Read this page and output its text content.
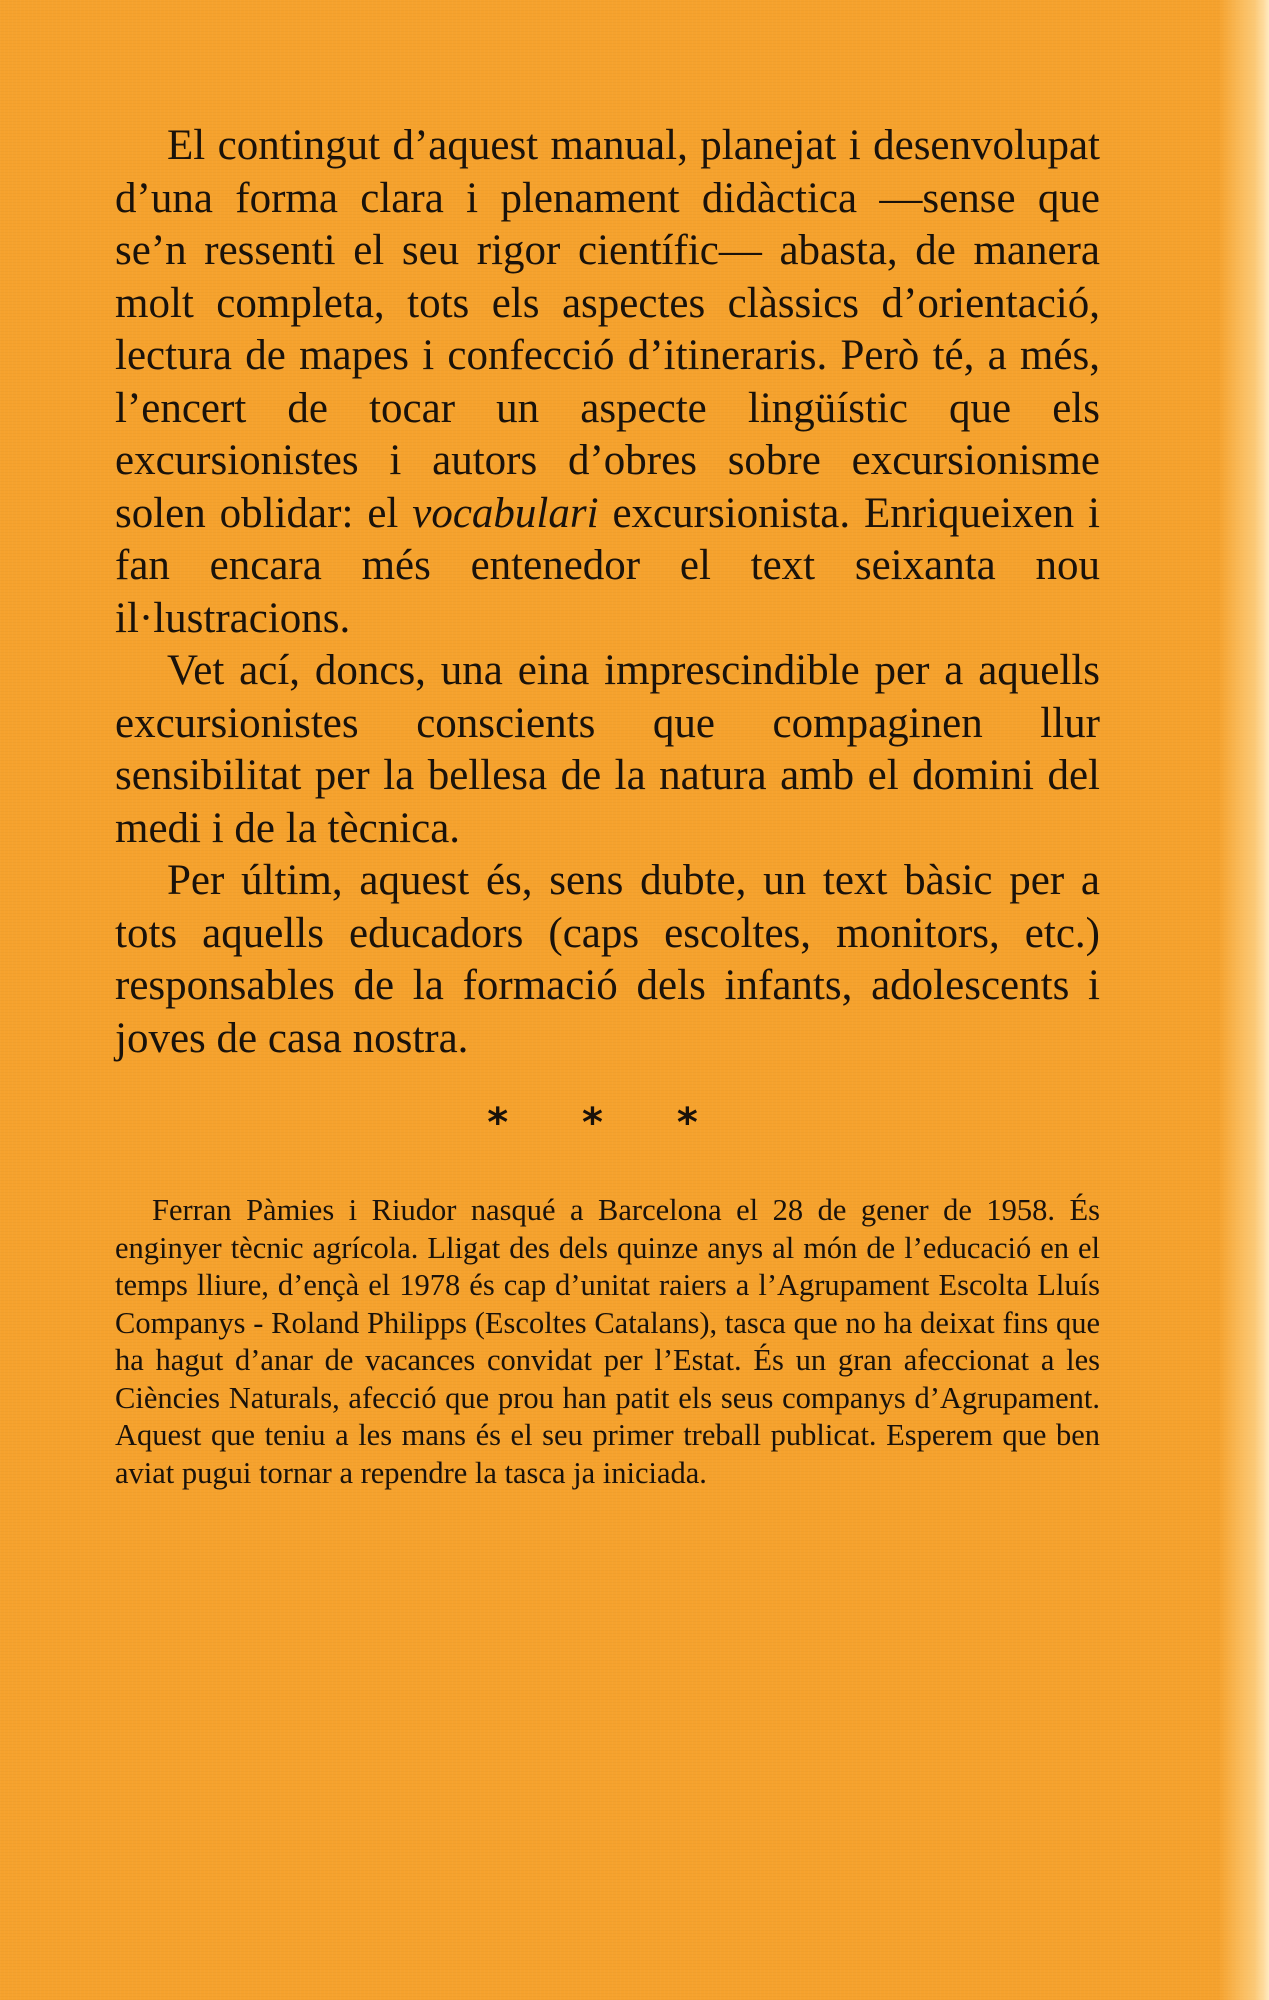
El contingut d’aquest manual, planejat i desenvolupat d’una forma clara i plenament didàctica —sense que se’n ressenti el seu rigor científic— abasta, de manera molt completa, tots els aspectes clàssics d’orientació, lectura de mapes i confecció d’itineraris. Però té, a més, l’encert de tocar un aspecte lingüístic que els excursionistes i autors d’obres sobre excursionisme solen oblidar: el vocabulari excursionista. Enriqueixen i fan encara més entenedor el text seixanta nou il·lustracions.

Vet ací, doncs, una eina imprescindible per a aquells excursionistes conscients que compaginen llur sensibilitat per la bellesa de la natura amb el domini del medi i de la tècnica.

Per últim, aquest és, sens dubte, un text bàsic per a tots aquells educadors (caps escoltes, monitors, etc.) responsables de la formació dels infants, adolescents i joves de casa nostra.

* * *

Ferran Pàmies i Riudor nasqué a Barcelona el 28 de gener de 1958. És enginyer tècnic agrícola. Lligat des dels quinze anys al món de l’educació en el temps lliure, d’ençà el 1978 és cap d’unitat raiers a l’Agrupament Escolta Lluís Companys - Roland Philipps (Escoltes Catalans), tasca que no ha deixat fins que ha hagut d’anar de vacances convidat per l’Estat. És un gran afeccionat a les Ciències Naturals, afecció que prou han patit els seus companys d’Agrupament. Aquest que teniu a les mans és el seu primer treball publicat. Esperem que ben aviat pugui tornar a rependre la tasca ja iniciada.
